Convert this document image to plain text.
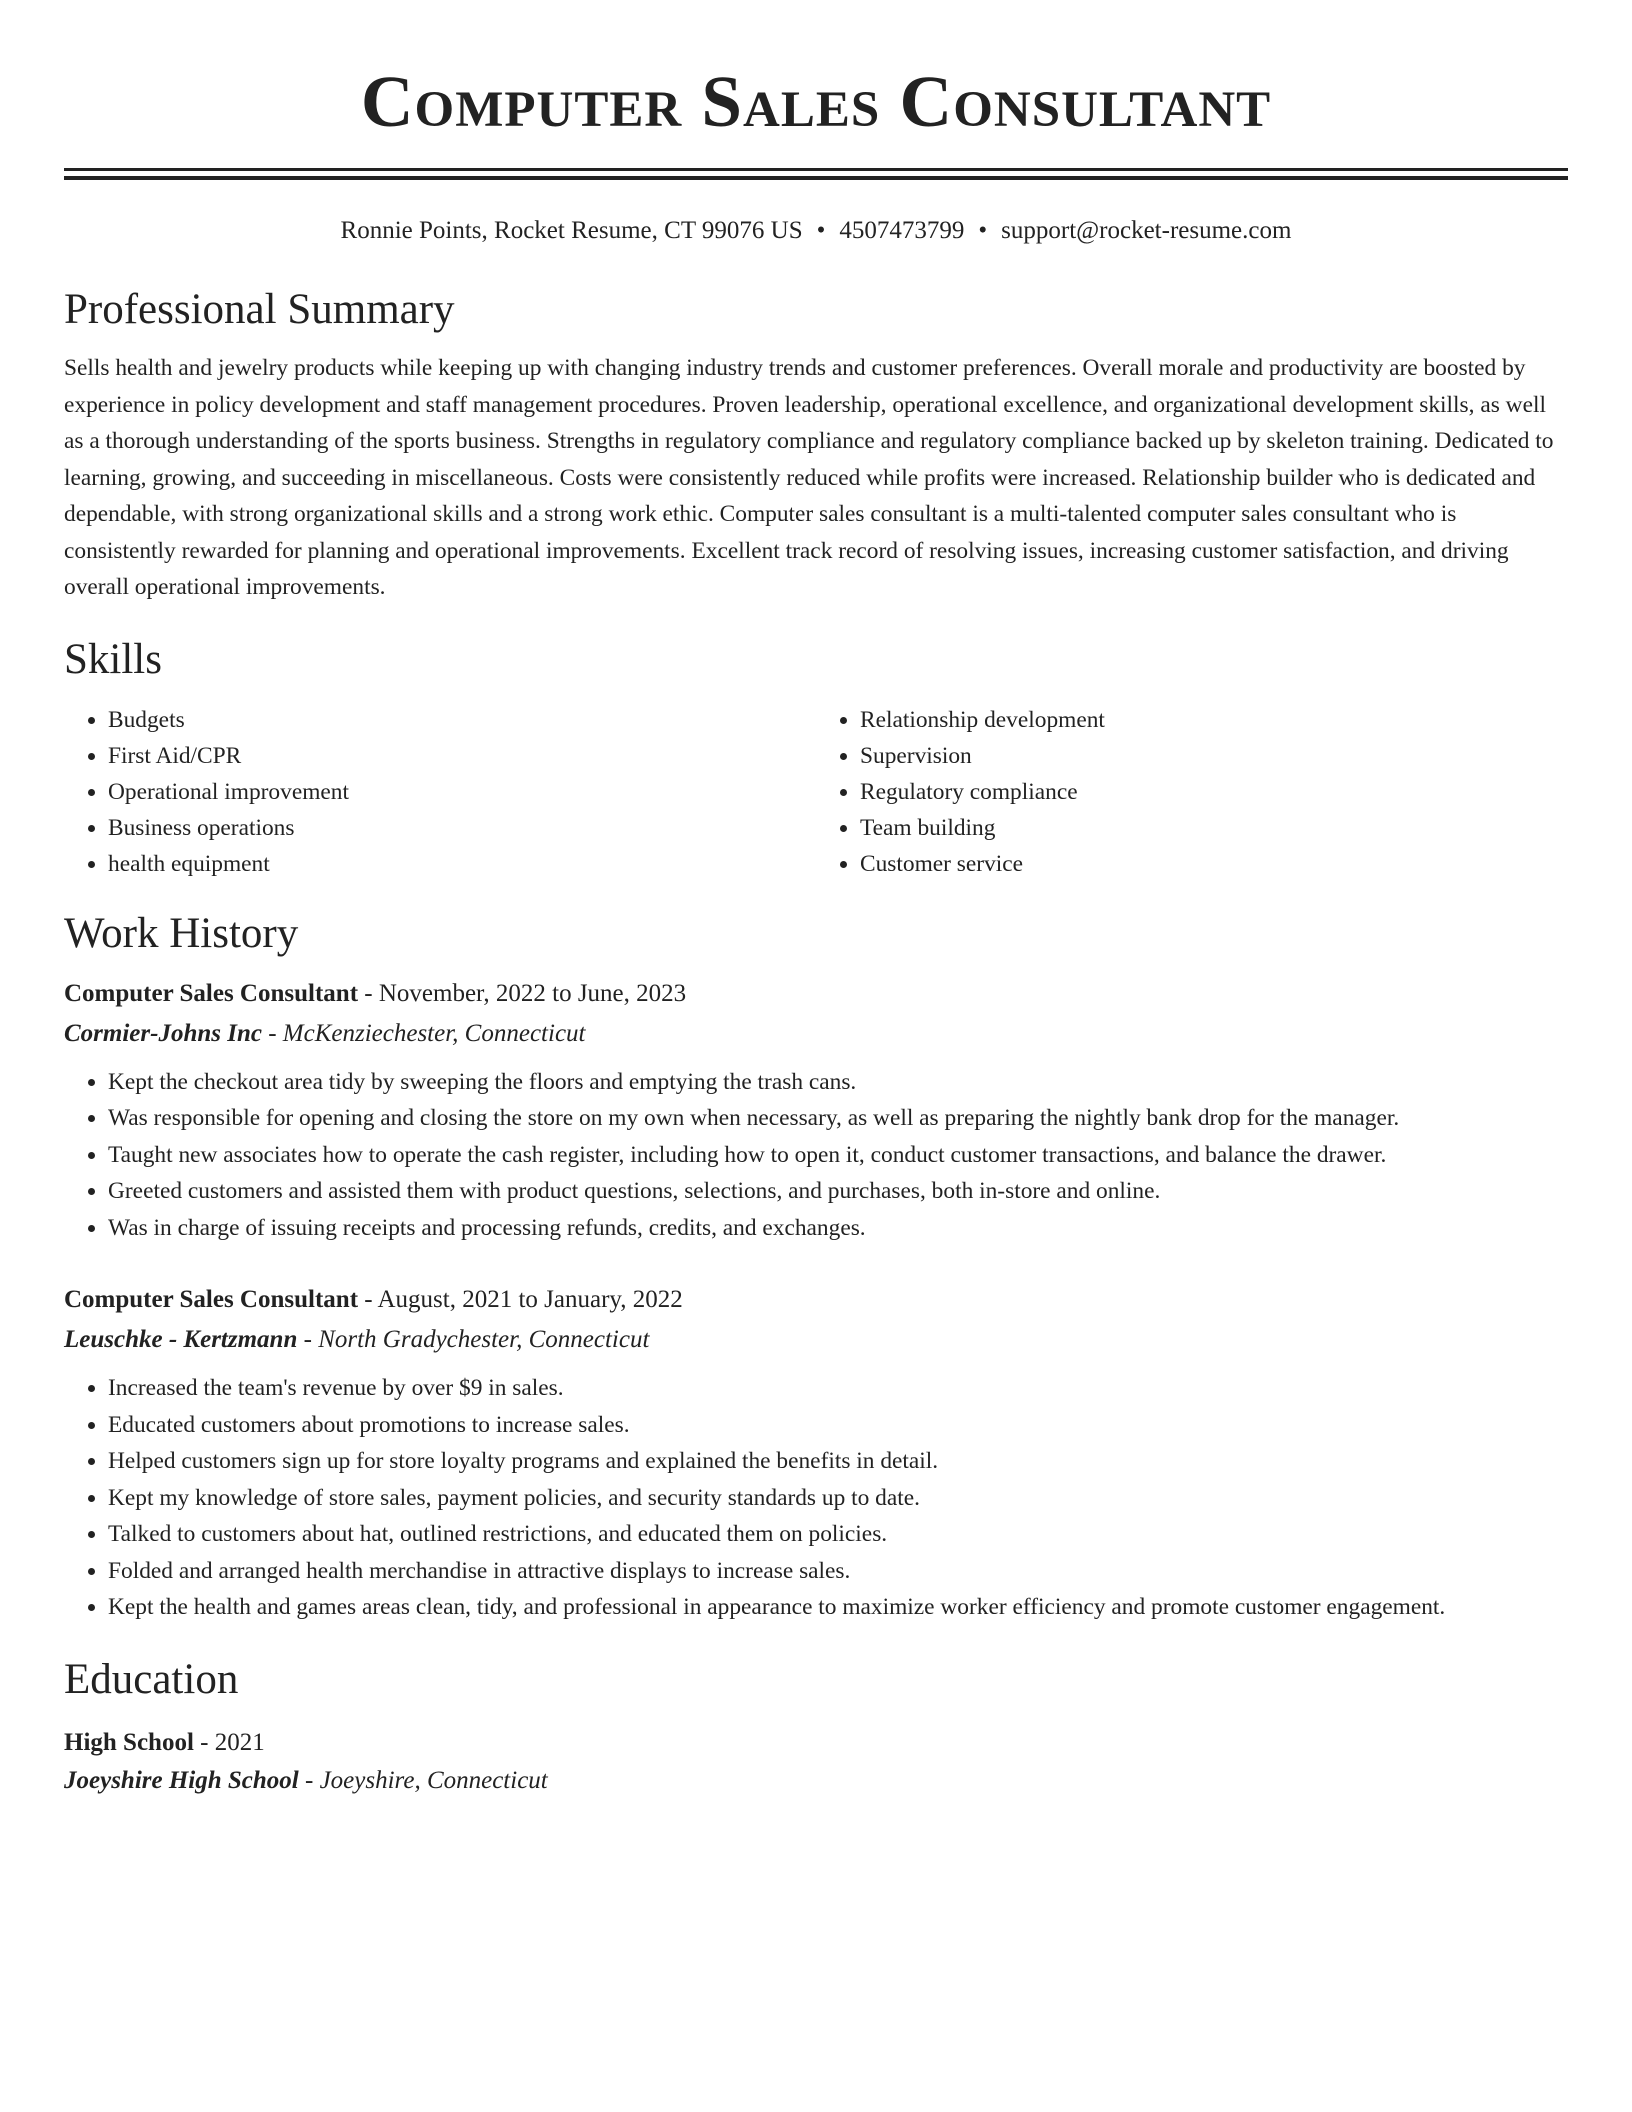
Computer Sales Consultant
Ronnie Points, Rocket Resume, CT 99076 US • 4507473799 • support@rocket-resume.com
Professional Summary
Sells health and jewelry products while keeping up with changing industry trends and customer preferences. Overall morale and productivity are boosted by experience in policy development and staff management procedures. Proven leadership, operational excellence, and organizational development skills, as well as a thorough understanding of the sports business. Strengths in regulatory compliance and regulatory compliance backed up by skeleton training. Dedicated to learning, growing, and succeeding in miscellaneous. Costs were consistently reduced while profits were increased. Relationship builder who is dedicated and dependable, with strong organizational skills and a strong work ethic. Computer sales consultant is a multi-talented computer sales consultant who is consistently rewarded for planning and operational improvements. Excellent track record of resolving issues, increasing customer satisfaction, and driving overall operational improvements.
Skills
• Budgets
• First Aid/CPR
• Operational improvement
• Business operations
• health equipment
• Relationship development
• Supervision
• Regulatory compliance
• Team building
• Customer service
Work History
Computer Sales Consultant - November, 2022 to June, 2023
Cormier-Johns Inc - McKenziechester, Connecticut
• Kept the checkout area tidy by sweeping the floors and emptying the trash cans.
• Was responsible for opening and closing the store on my own when necessary, as well as preparing the nightly bank drop for the manager.
• Taught new associates how to operate the cash register, including how to open it, conduct customer transactions, and balance the drawer.
• Greeted customers and assisted them with product questions, selections, and purchases, both in-store and online.
• Was in charge of issuing receipts and processing refunds, credits, and exchanges.
Computer Sales Consultant - August, 2021 to January, 2022
Leuschke - Kertzmann - North Gradychester, Connecticut
• Increased the team's revenue by over $9 in sales.
• Educated customers about promotions to increase sales.
• Helped customers sign up for store loyalty programs and explained the benefits in detail.
• Kept my knowledge of store sales, payment policies, and security standards up to date.
• Talked to customers about hat, outlined restrictions, and educated them on policies.
• Folded and arranged health merchandise in attractive displays to increase sales.
• Kept the health and games areas clean, tidy, and professional in appearance to maximize worker efficiency and promote customer engagement.
Education
High School - 2021
Joeyshire High School - Joeyshire, Connecticut
